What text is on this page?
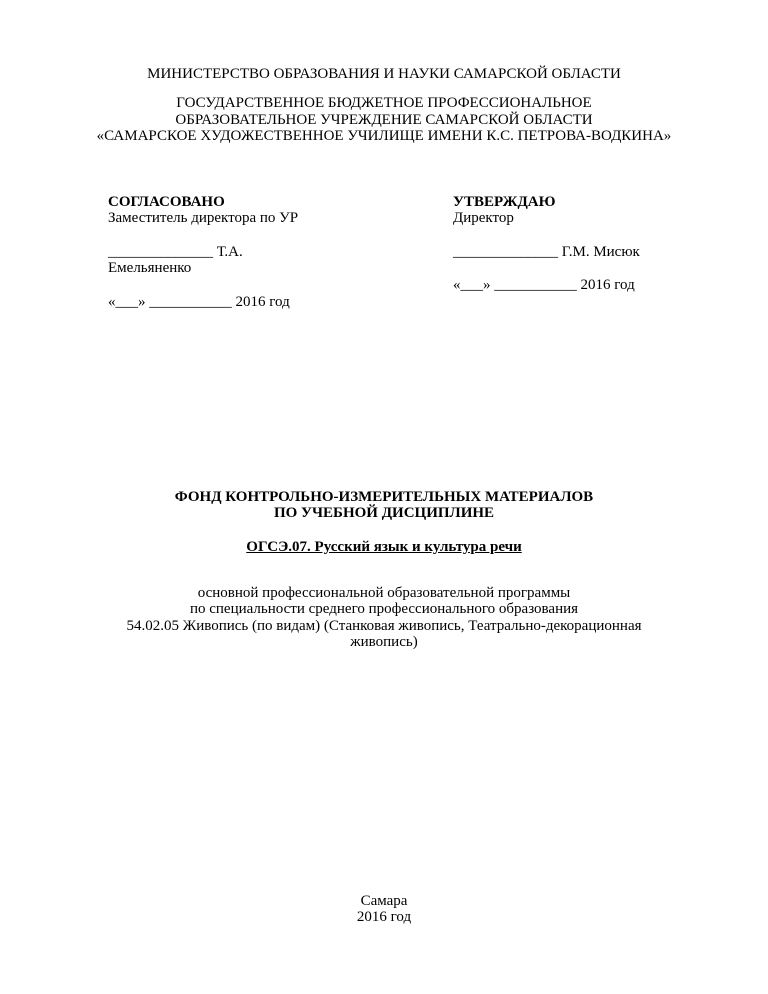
МИНИСТЕРСТВО ОБРАЗОВАНИЯ И НАУКИ САМАРСКОЙ ОБЛАСТИ
ГОСУДАРСТВЕННОЕ БЮДЖЕТНОЕ ПРОФЕССИОНАЛЬНОЕ
ОБРАЗОВАТЕЛЬНОЕ УЧРЕЖДЕНИЕ САМАРСКОЙ ОБЛАСТИ
«САМАРСКОЕ ХУДОЖЕСТВЕННОЕ УЧИЛИЩЕ ИМЕНИ К.С. ПЕТРОВА-ВОДКИНА»
СОГЛАСОВАНО
Заместитель директора по УР
______________ Т.А.
Емельяненко
«___» ___________ 2016 год
УТВЕРЖДАЮ
Директор
______________ Г.М. Мисюк
«___» ___________ 2016 год
ФОНД КОНТРОЛЬНО-ИЗМЕРИТЕЛЬНЫХ МАТЕРИАЛОВ
ПО УЧЕБНОЙ ДИСЦИПЛИНЕ
ОГСЭ.07. Русский язык и культура речи
основной профессиональной образовательной программы
по специальности среднего профессионального образования
54.02.05 Живопись (по видам) (Станковая живопись, Театрально-декорационная
живопись)
Самара
2016 год
